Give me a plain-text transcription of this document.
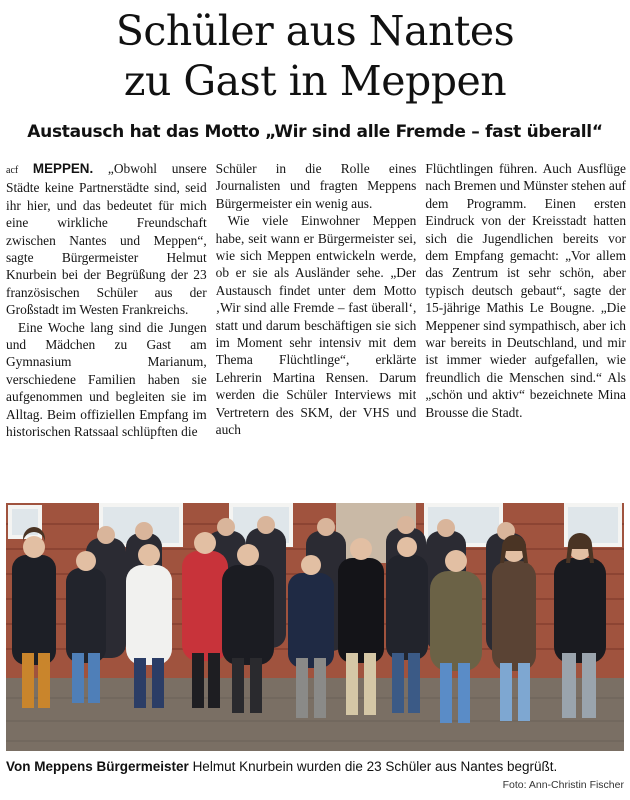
Schüler aus Nantes
zu Gast in Meppen
Austausch hat das Motto „Wir sind alle Fremde – fast überall“

acf MEPPEN. „Obwohl unsere Städte keine Partnerstädte sind, seid ihr hier, und das bedeutet für mich eine wirkliche Freundschaft zwischen Nantes und Meppen“, sagte Bürgermeister Helmut Knurbein bei der Begrüßung der 23 französischen Schüler aus der Großstadt im Westen Frankreichs.

Eine Woche lang sind die Jungen und Mädchen zu Gast am Gymnasium Marianum, verschiedene Familien haben sie aufgenommen und begleiten sie im Alltag. Beim offiziellen Empfang im historischen Ratssaal schlüpften die

Schüler in die Rolle eines Journalisten und fragten Meppens Bürgermeister ein wenig aus.

Wie viele Einwohner Meppen habe, seit wann er Bürgermeister sei, wie sich Meppen entwickeln werde, ob er sie als Ausländer sehe. „Der Austausch findet unter dem Motto ‚Wir sind alle Fremde – fast überall‘, statt und darum beschäftigen sie sich im Moment sehr intensiv mit dem Thema Flüchtlinge“, erklärte Lehrerin Martina Rensen. Darum werden die Schüler Interviews mit Vertretern des SKM, der VHS und auch

Flüchtlingen führen. Auch Ausflüge nach Bremen und Münster stehen auf dem Programm. Einen ersten Eindruck von der Kreisstadt hatten sich die Jugendlichen bereits vor dem Empfang gemacht: „Vor allem das Zentrum ist sehr schön, aber typisch deutsch gebaut“, sagte der 15-jährige Mathis Le Bougne. „Die Meppener sind sympathisch, aber ich war bereits in Deutschland, und mir ist immer wieder aufgefallen, wie freundlich die Menschen sind.“ Als „schön und aktiv“ bezeichnete Mina Brousse die Stadt.

Von Meppens Bürgermeister Helmut Knurbein wurden die 23 Schüler aus Nantes begrüßt.
Foto: Ann-Christin Fischer
